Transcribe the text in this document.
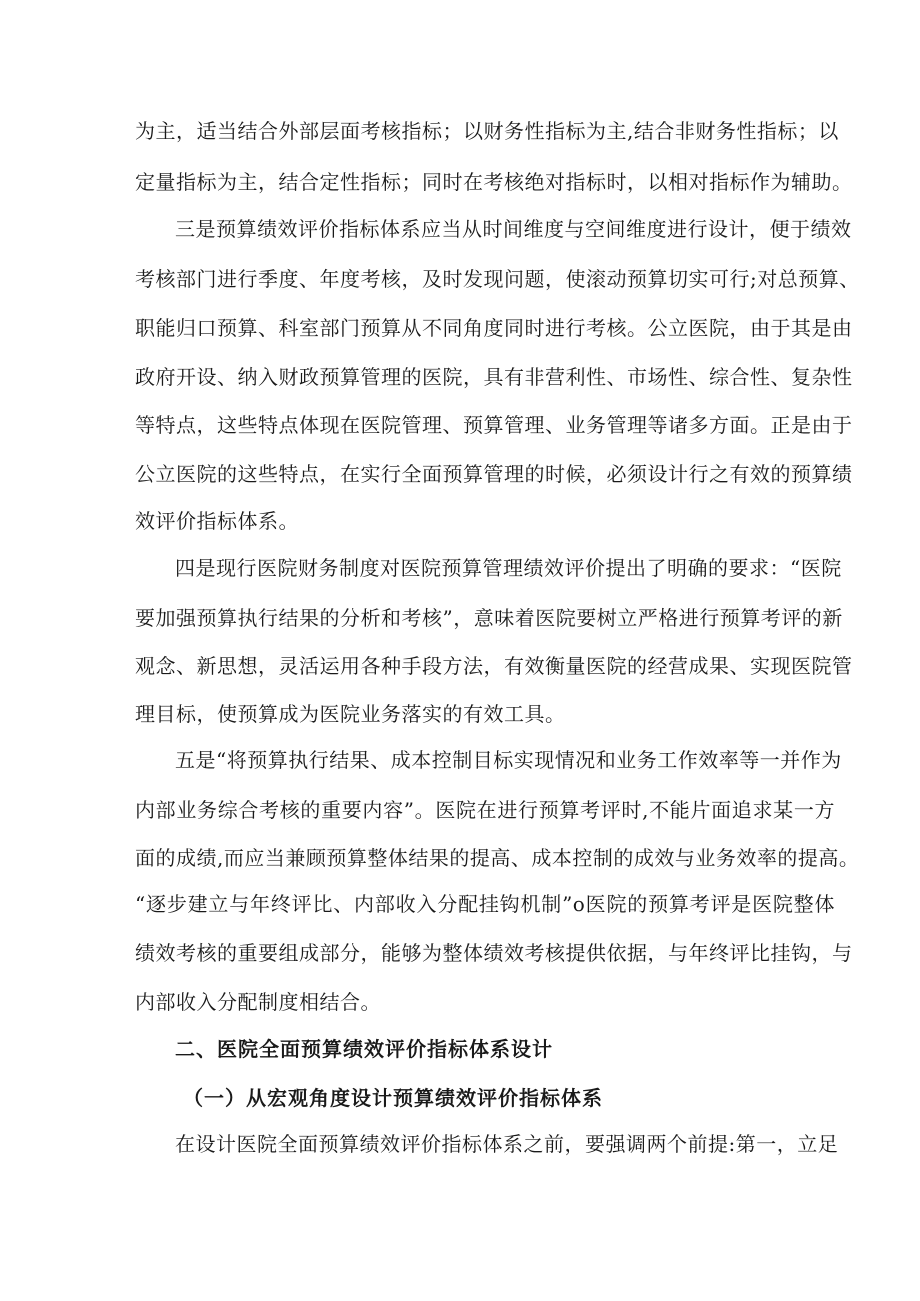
为主，适当结合外部层面考核指标；以财务性指标为主,结合非财务性指标；以
定量指标为主，结合定性指标；同时在考核绝对指标时，以相对指标作为辅助。
三是预算绩效评价指标体系应当从时间维度与空间维度进行设计，便于绩效
考核部门进行季度、年度考核，及时发现问题，使滚动预算切实可行;对总预算、
职能归口预算、科室部门预算从不同角度同时进行考核。公立医院，由于其是由
政府开设、纳入财政预算管理的医院，具有非营利性、市场性、综合性、复杂性
等特点，这些特点体现在医院管理、预算管理、业务管理等诸多方面。正是由于
公立医院的这些特点，在实行全面预算管理的时候，必须设计行之有效的预算绩
效评价指标体系。
四是现行医院财务制度对医院预算管理绩效评价提出了明确的要求：“医院
要加强预算执行结果的分析和考核”，意味着医院要树立严格进行预算考评的新
观念、新思想，灵活运用各种手段方法，有效衡量医院的经营成果、实现医院管
理目标，使预算成为医院业务落实的有效工具。
五是“将预算执行结果、成本控制目标实现情况和业务工作效率等一并作为
内部业务综合考核的重要内容”。医院在进行预算考评时,不能片面追求某一方
面的成绩,而应当兼顾预算整体结果的提高、成本控制的成效与业务效率的提高。
“逐步建立与年终评比、内部收入分配挂钩机制”o医院的预算考评是医院整体
绩效考核的重要组成部分，能够为整体绩效考核提供依据，与年终评比挂钩，与
内部收入分配制度相结合。
二、医院全面预算绩效评价指标体系设计
（一）从宏观角度设计预算绩效评价指标体系
在设计医院全面预算绩效评价指标体系之前，要强调两个前提:第一，立足
